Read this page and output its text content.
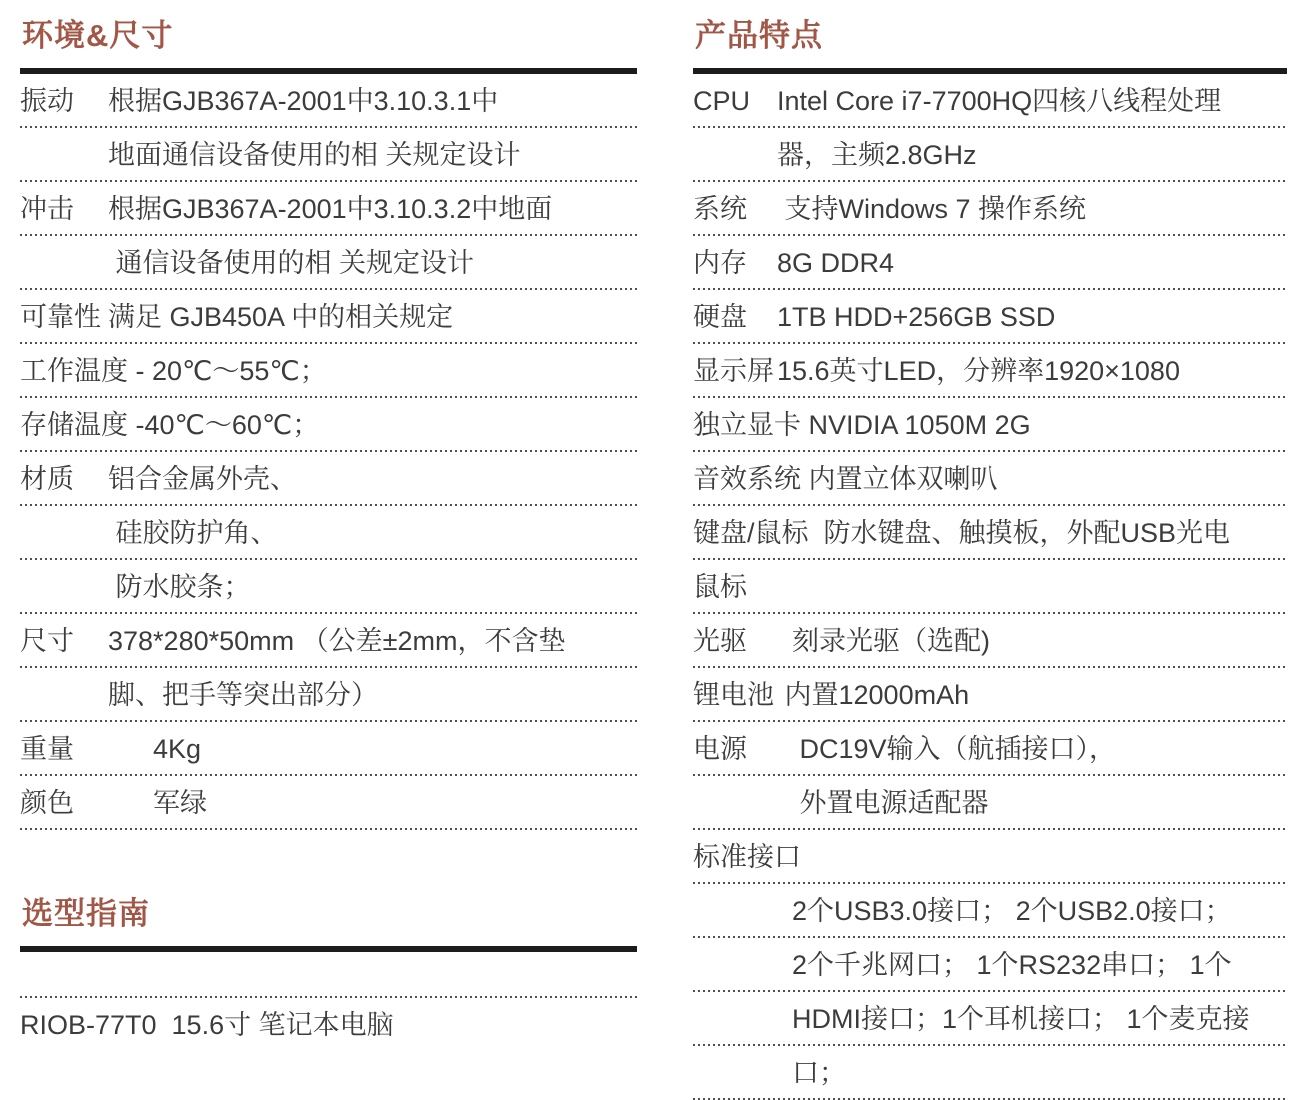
环境&尺寸
振动	根据GJB367A-2001中3.10.3.1中
地面通信设备使用的相 关规定设计
冲击	根据GJB367A-2001中3.10.3.2中地面
通信设备使用的相 关规定设计
可靠性 满足 GJB450A 中的相关规定
工作温度 - 20℃～55℃；
存储温度 -40℃～60℃；
材质	铝合金属外壳、
硅胶防护角、
防水胶条；
尺寸	378*280*50mm （公差±2mm，不含垫
脚、把手等突出部分）
重量	4Kg
颜色	军绿
选型指南
RIOB-77T0  15.6寸 笔记本电脑
产品特点
CPU Intel Core i7-7700HQ四核八线程处理
器，主频2.8GHz
系统	支持Windows 7 操作系统
内存	8G DDR4
硬盘	1TB HDD+256GB SSD
显示屏 15.6英寸LED，分辨率1920×1080
独立显卡 NVIDIA 1050M 2G
音效系统 内置立体双喇叭
键盘/鼠标 防水键盘、触摸板，外配USB光电
鼠标
光驱	刻录光驱（选配)
锂电池 内置12000mAh
电源	DC19V输入（航插接口），
外置电源适配器
标准接口
2个USB3.0接口； 2个USB2.0接口；
2个千兆网口； 1个RS232串口； 1个
HDMI接口；1个耳机接口； 1个麦克接
口；
